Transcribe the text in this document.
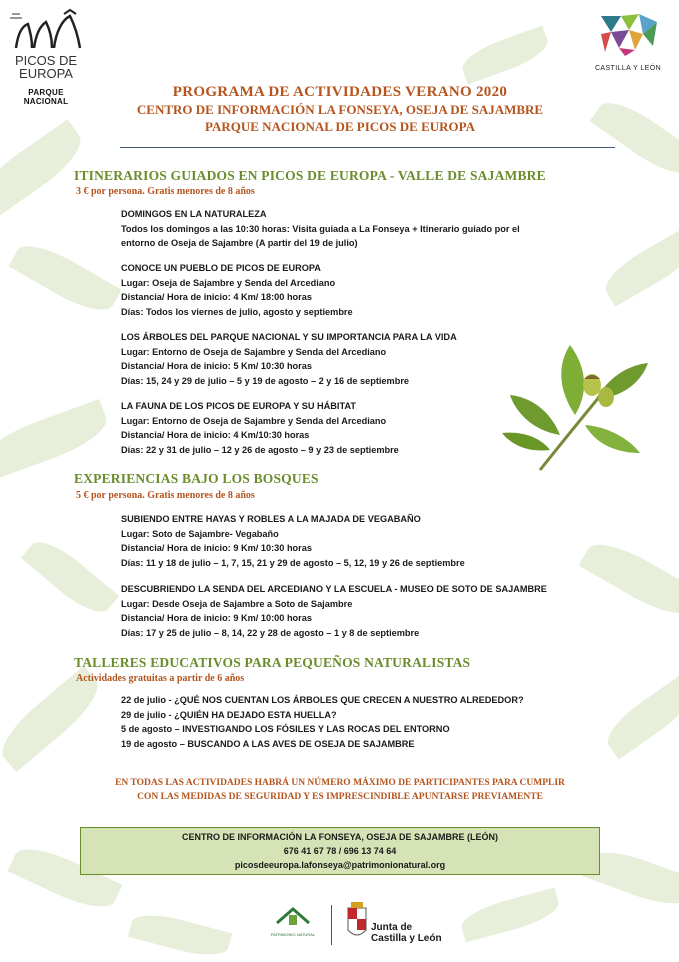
PICOS DE
EUROPA
PARQUE NACIONAL
CASTILLA Y LEÓN
PROGRAMA DE ACTIVIDADES VERANO 2020
CENTRO DE INFORMACIÓN LA FONSEYA, OSEJA DE SAJAMBRE
PARQUE NACIONAL DE PICOS DE EUROPA
ITINERARIOS GUIADOS EN PICOS DE EUROPA - VALLE DE SAJAMBRE
3 € por persona. Gratis menores de 8 años
DOMINGOS EN LA NATURALEZA
Todos los domingos a las 10:30 horas: Visita guiada a La Fonseya + Itinerario guiado por el
entorno de Oseja de Sajambre (A partir del 19 de julio)
CONOCE UN PUEBLO DE PICOS DE EUROPA
Lugar: Oseja de Sajambre y Senda del Arcediano
Distancia/ Hora de inicio: 4 Km/ 18:00 horas
Días: Todos los viernes de julio, agosto y septiembre
LOS ÁRBOLES DEL PARQUE NACIONAL Y SU IMPORTANCIA PARA LA VIDA
Lugar: Entorno de Oseja de Sajambre y Senda del Arcediano
Distancia/ Hora de inicio: 5 Km/ 10:30 horas
Días: 15, 24 y 29 de julio – 5 y 19 de agosto – 2 y 16 de septiembre
LA FAUNA DE LOS PICOS DE EUROPA Y SU HÁBITAT
Lugar: Entorno de Oseja de Sajambre y Senda del Arcediano
Distancia/ Hora de inicio: 4 Km/10:30 horas
Días: 22 y 31 de julio – 12 y 26 de agosto – 9 y 23 de septiembre
EXPERIENCIAS BAJO LOS BOSQUES
5 € por persona. Gratis menores de 8 años
SUBIENDO ENTRE HAYAS Y ROBLES A LA MAJADA DE VEGABAÑO
Lugar: Soto de Sajambre- Vegabaño
Distancia/ Hora de inicio: 9 Km/ 10:30 horas
Días: 11 y 18 de julio – 1, 7, 15, 21 y 29 de agosto – 5, 12, 19 y 26 de septiembre
DESCUBRIENDO LA SENDA DEL ARCEDIANO Y LA ESCUELA - MUSEO DE SOTO DE SAJAMBRE
Lugar: Desde Oseja de Sajambre a Soto de Sajambre
Distancia/ Hora de inicio: 9 Km/ 10:00 horas
Días: 17 y 25 de julio – 8, 14, 22 y 28 de agosto – 1 y 8 de septiembre
TALLERES EDUCATIVOS PARA PEQUEÑOS NATURALISTAS
Actividades gratuitas a partir de 6 años
22 de julio - ¿QUÉ NOS CUENTAN LOS ÁRBOLES QUE CRECEN A NUESTRO ALREDEDOR?
29 de julio - ¿QUIÉN HA DEJADO ESTA HUELLA?
5 de agosto – INVESTIGANDO LOS FÓSILES Y LAS ROCAS DEL ENTORNO
19 de agosto – BUSCANDO A LAS AVES DE OSEJA DE SAJAMBRE
EN TODAS LAS ACTIVIDADES HABRÁ UN NÚMERO MÁXIMO DE PARTICIPANTES PARA CUMPLIR
CON LAS MEDIDAS DE SEGURIDAD Y ES IMPRESCINDIBLE APUNTARSE PREVIAMENTE
CENTRO DE INFORMACIÓN LA FONSEYA, OSEJA DE SAJAMBRE (LEÓN)
676 41 67 78 / 696 13 74 64
picosdeeuropa.lafonseya@patrimonionatural.org
PATRIMONIO NATURAL
Junta de
Castilla y León
